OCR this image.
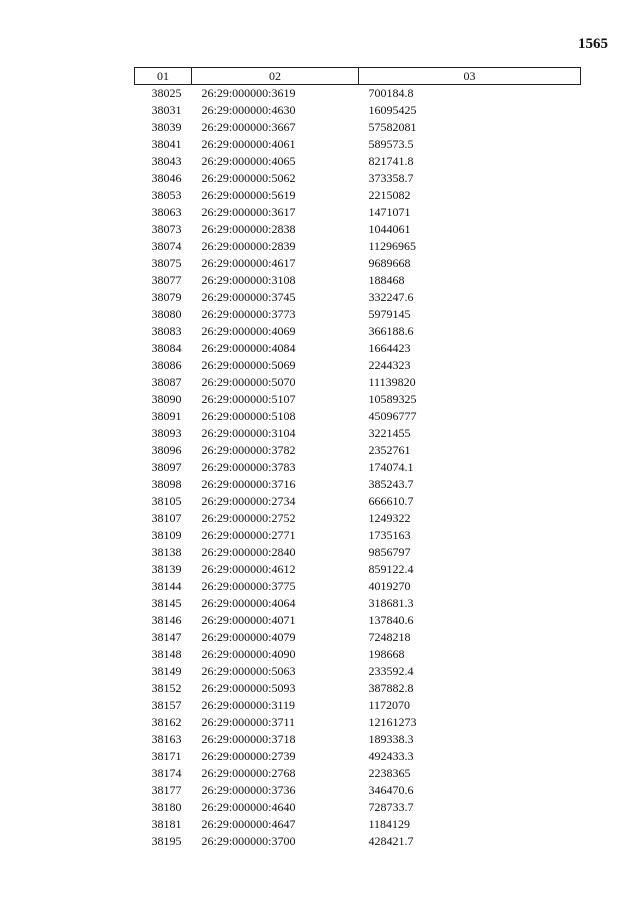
1565
01	02	03
38025	26:29:000000:3619	700184.8
38031	26:29:000000:4630	16095425
38039	26:29:000000:3667	57582081
38041	26:29:000000:4061	589573.5
38043	26:29:000000:4065	821741.8
38046	26:29:000000:5062	373358.7
38053	26:29:000000:5619	2215082
38063	26:29:000000:3617	1471071
38073	26:29:000000:2838	1044061
38074	26:29:000000:2839	11296965
38075	26:29:000000:4617	9689668
38077	26:29:000000:3108	188468
38079	26:29:000000:3745	332247.6
38080	26:29:000000:3773	5979145
38083	26:29:000000:4069	366188.6
38084	26:29:000000:4084	1664423
38086	26:29:000000:5069	2244323
38087	26:29:000000:5070	11139820
38090	26:29:000000:5107	10589325
38091	26:29:000000:5108	45096777
38093	26:29:000000:3104	3221455
38096	26:29:000000:3782	2352761
38097	26:29:000000:3783	174074.1
38098	26:29:000000:3716	385243.7
38105	26:29:000000:2734	666610.7
38107	26:29:000000:2752	1249322
38109	26:29:000000:2771	1735163
38138	26:29:000000:2840	9856797
38139	26:29:000000:4612	859122.4
38144	26:29:000000:3775	4019270
38145	26:29:000000:4064	318681.3
38146	26:29:000000:4071	137840.6
38147	26:29:000000:4079	7248218
38148	26:29:000000:4090	198668
38149	26:29:000000:5063	233592.4
38152	26:29:000000:5093	387882.8
38157	26:29:000000:3119	1172070
38162	26:29:000000:3711	12161273
38163	26:29:000000:3718	189338.3
38171	26:29:000000:2739	492433.3
38174	26:29:000000:2768	2238365
38177	26:29:000000:3736	346470.6
38180	26:29:000000:4640	728733.7
38181	26:29:000000:4647	1184129
38195	26:29:000000:3700	428421.7
